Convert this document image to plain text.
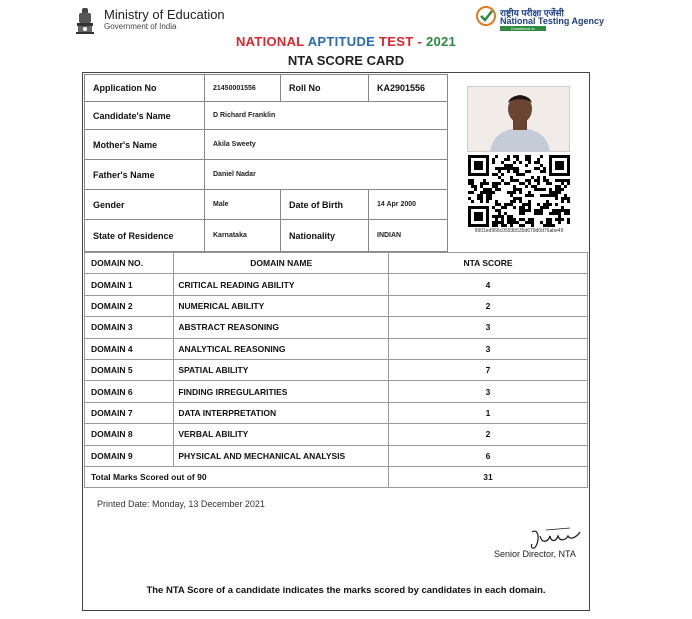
Ministry of Education
Government of India
राष्ट्रीय परीक्षा एजेंसी
National Testing Agency
Excellence in Assessment
NATIONAL APTITUDE TEST - 2021
NTA SCORE CARD
Application No	21450001556	Roll No	KA2901556
Candidate's Name	D Richard Franklin
Mother's Name	Akila Sweety
Father's Name	Daniel Nadar
Gender	Male	Date of Birth	14 Apr 2000
State of Residence	Karnataka	Nationality	INDIAN
9901ed966c0593b535d679d0d76abe49
DOMAIN NO.	DOMAIN NAME	NTA SCORE
DOMAIN 1	CRITICAL READING ABILITY	4
DOMAIN 2	NUMERICAL ABILITY	2
DOMAIN 3	ABSTRACT REASONING	3
DOMAIN 4	ANALYTICAL REASONING	3
DOMAIN 5	SPATIAL ABILITY	7
DOMAIN 6	FINDING IRREGULARITIES	3
DOMAIN 7	DATA INTERPRETATION	1
DOMAIN 8	VERBAL ABILITY	2
DOMAIN 9	PHYSICAL AND MECHANICAL ANALYSIS	6
Total Marks Scored out of 90		31
Printed Date: Monday, 13 December 2021
Senior Director, NTA
The NTA Score of a candidate indicates the marks scored by candidates in each domain.
